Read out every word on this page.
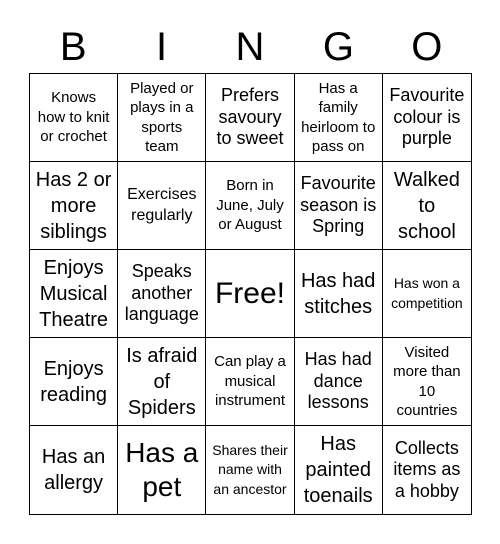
B	I	N	G	O
Knows how to knit or crochet
Played or plays in a sports team
Prefers savoury to sweet
Has a family heirloom to pass on
Favourite colour is purple
Has 2 or more siblings
Exercises regularly
Born in June, July or August
Favourite season is Spring
Walked to school
Enjoys Musical Theatre
Speaks another language
Free! Has had stitches
Has won a competition
Enjoys reading
Is afraid of Spiders
Can play a musical instrument
Has had dance lessons
Visited more than 10 countries
Has an allergy
Has a pet
Shares their name with an ancestor
Has painted toenails
Collects items as a hobby
